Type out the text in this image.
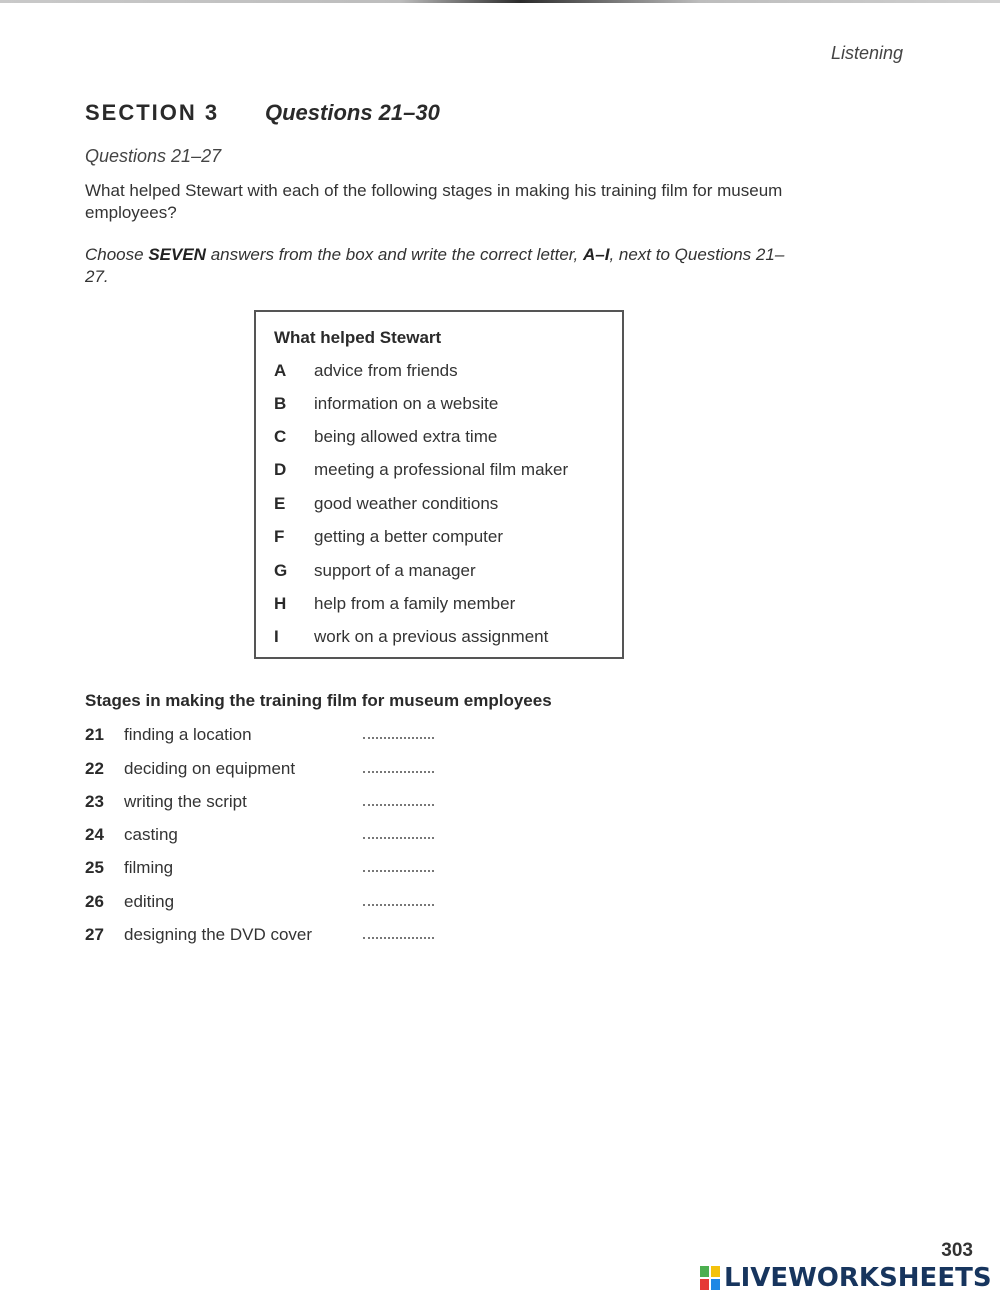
Listening
SECTION 3 Questions 21–30
Questions 21–27
What helped Stewart with each of the following stages in making his training film for museum employees?
Choose SEVEN answers from the box and write the correct letter, A–I, next to Questions 21–27.
What helped Stewart
A advice from friends
B information on a website
C being allowed extra time
D meeting a professional film maker
E good weather conditions
F getting a better computer
G support of a manager
H help from a family member
I work on a previous assignment
Stages in making the training film for museum employees
21 finding a location
22 deciding on equipment
23 writing the script
24 casting
25 filming
26 editing
27 designing the DVD cover
303
LIVEWORKSHEETS
